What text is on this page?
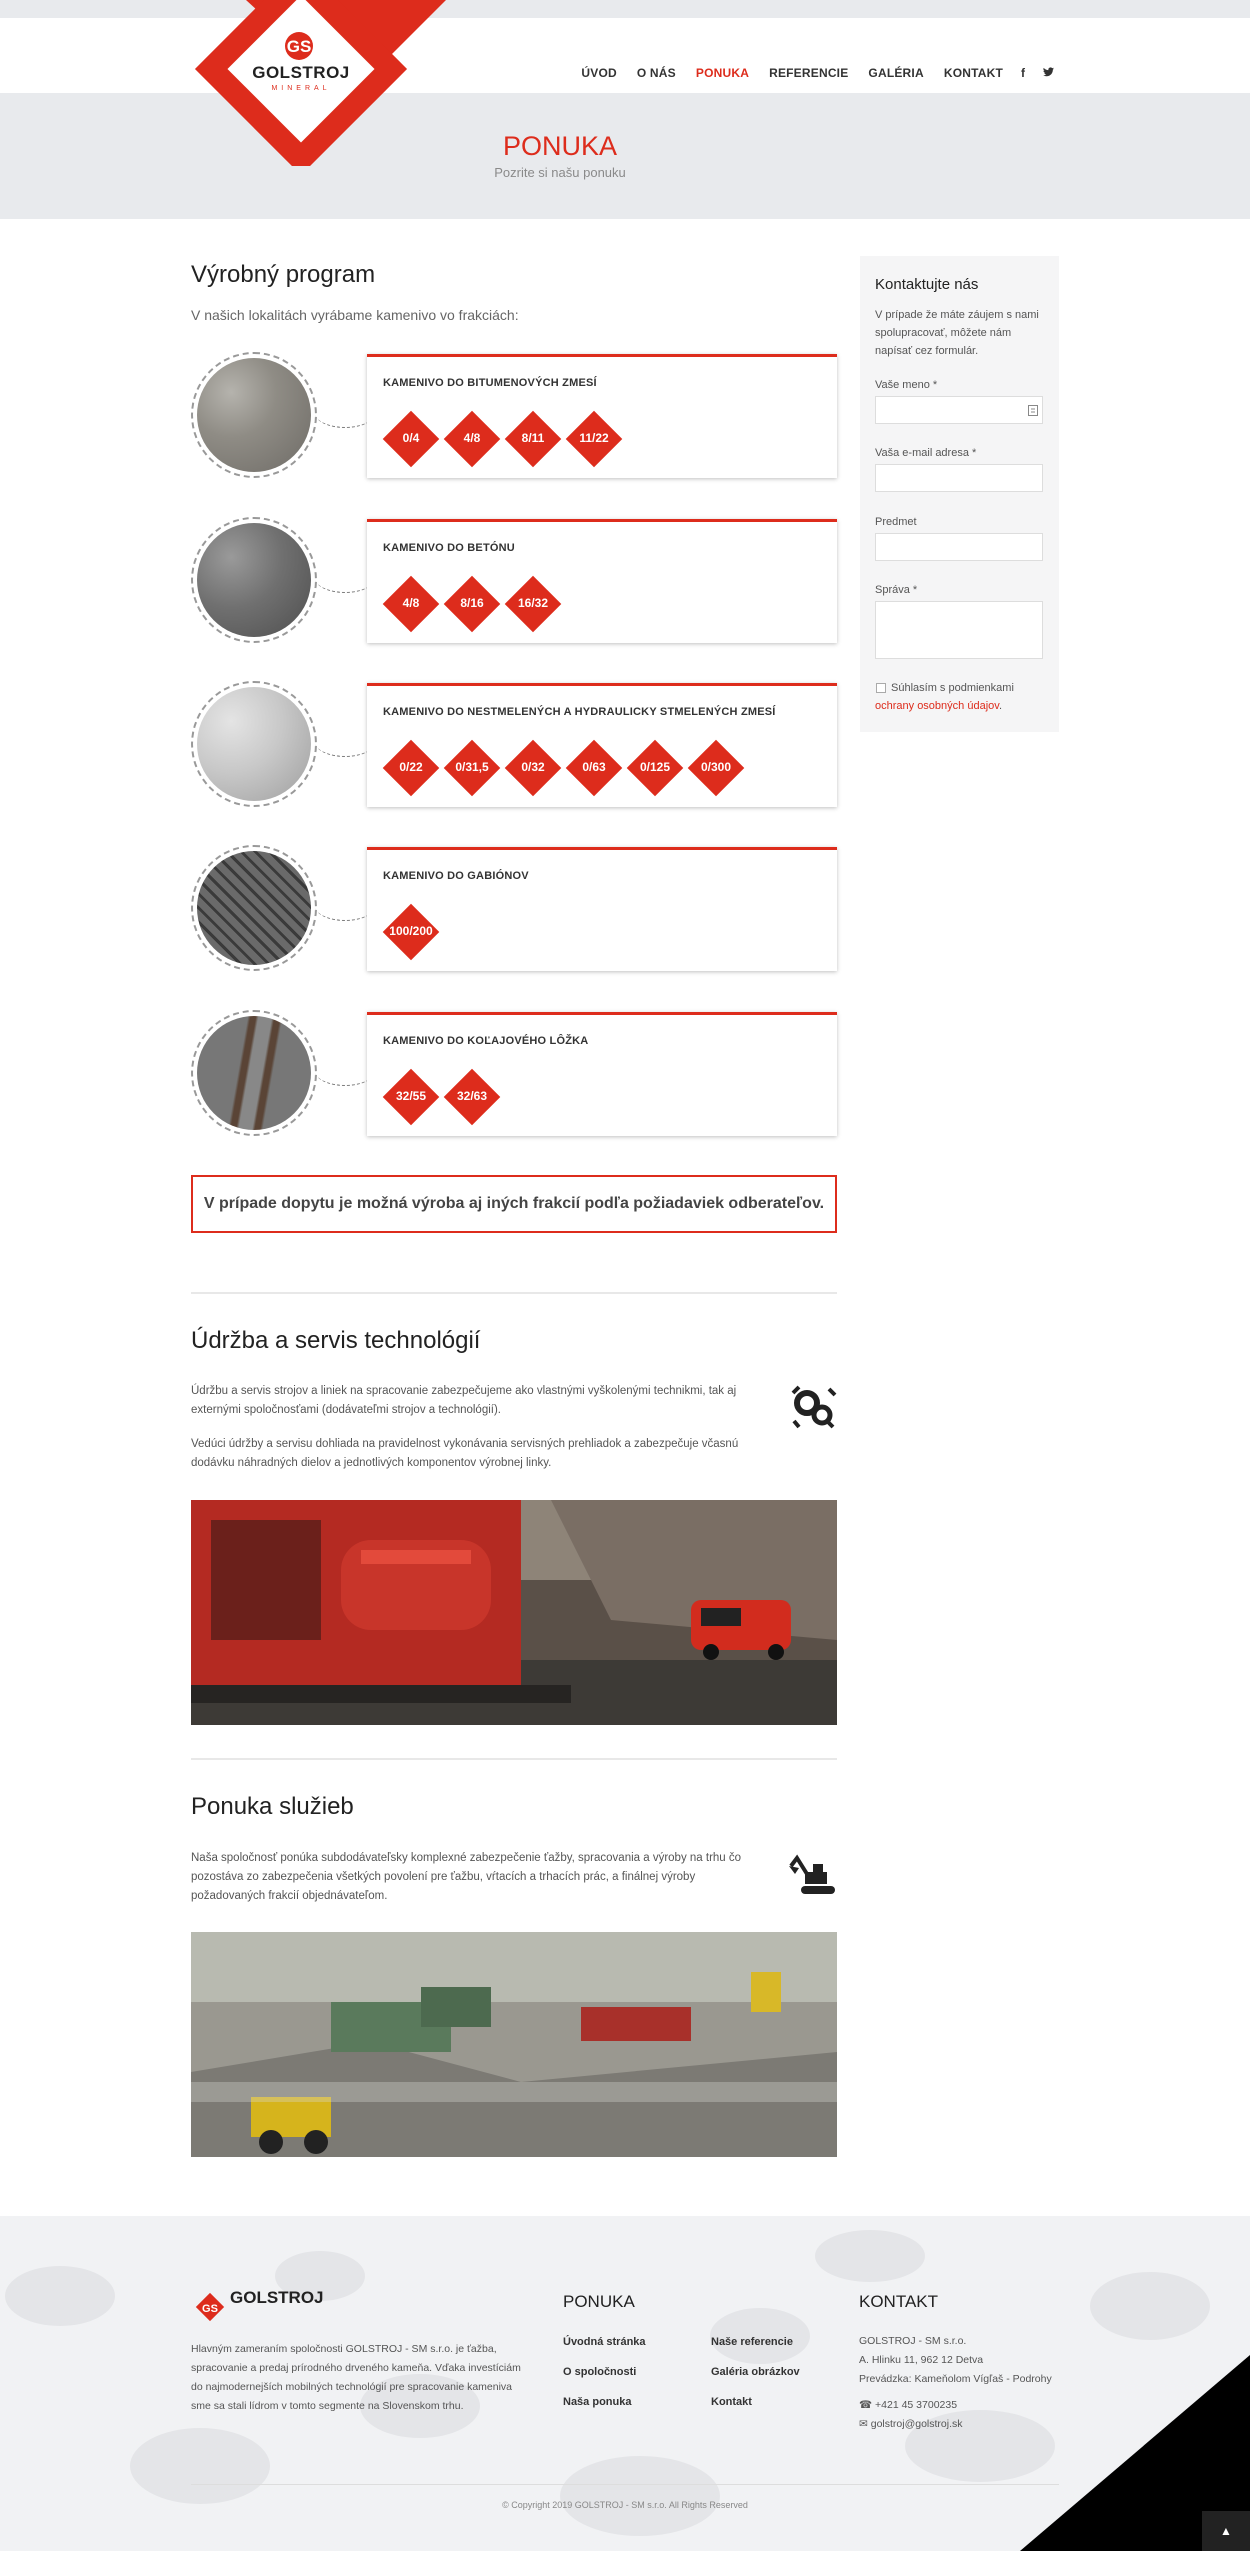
ÚVOD O NÁS PONUKA REFERENCIE GALÉRIA KONTAKT f
GS
GOLSTROJ
MINERAL
PONUKA

Pozrite si našu ponuku

Výrobný program

V našich lokalitách vyrábame kamenivo vo frakciách:

KAMENIVO DO BITUMENOVÝCH ZMESÍ
0/4	4/8	8/11	11/22
KAMENIVO DO BETÓNU
4/8	8/16	16/32
KAMENIVO DO NESTMELENÝCH A HYDRAULICKY STMELENÝCH ZMESÍ
0/22	0/31,5	0/32	0/63	0/125	0/300
KAMENIVO DO GABIÓNOV
100/200
KAMENIVO DO KOĽAJOVÉHO LÔŽKA
32/55	32/63
V prípade dopytu je možná výroba aj iných frakcií podľa požiadaviek odberateľov.
Údržba a servis technológií

Údržbu a servis strojov a liniek na spracovanie zabezpečujeme ako vlastnými vyškolenými technikmi, tak aj externými spoločnosťami (dodávateľmi strojov a technológií).

Vedúci údržby a servisu dohliada na pravidelnost vykonávania servisných prehliadok a zabezpečuje včasnú dodávku náhradných dielov a jednotlivých komponentov výrobnej linky.

Ponuka služieb

Naša spoločnosť ponúka subdodávateľsky komplexné zabezpečenie ťažby, spracovania a výroby na trhu čo pozostáva zo zabezpečenia všetkých povolení pre ťažbu, vŕtacích a trhacích prác, a finálnej výroby požadovaných frakcií objednávateľom.

Kontaktujte nás

V prípade že máte záujem s nami spolupracovať, môžete nám napísať cez formulár.

Vaše meno *
Vaša e-mail adresa *
Predmet
Správa *

Súhlasím s podmienkami ochrany osobných údajov.

GS
GOLSTROJ

Hlavným zameraním spoločnosti GOLSTROJ - SM s.r.o. je ťažba, spracovanie a predaj prírodného drveného kameňa. Vďaka investíciám do najmodernejších mobilných technológií pre spracovanie kameniva sme sa stali lídrom v tomto segmente na Slovenskom trhu.

PONUKA
Úvodná stránka
O spoločnosti
Naša ponuka
Naše referencie
Galéria obrázkov
Kontakt
KONTAKT
GOLSTROJ - SM s.r.o.
A. Hlinku 11, 962 12 Detva
Prevádzka: Kameňolom Vígľaš - Podrohy
☎ +421 45 3700235
✉ golstroj@golstroj.sk
© Copyright 2019 GOLSTROJ - SM s.r.o. All Rights Reserved
▲
